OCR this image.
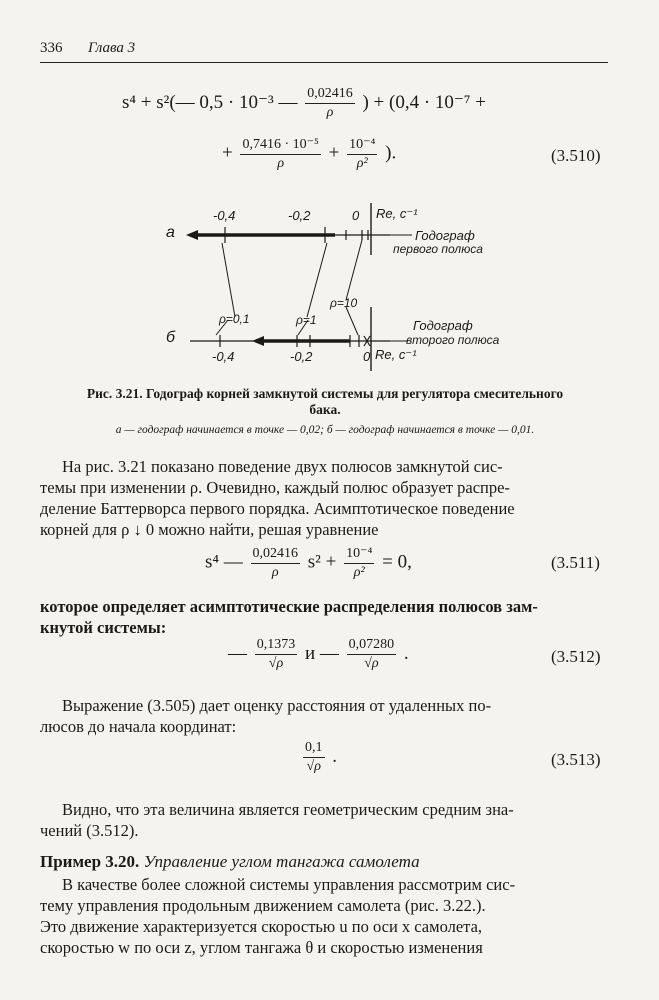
336 Глава 3
s⁴ + s²(— 0,5 · 10⁻³ — $\frac{0,02416}{\rho}$ ) + (0,4 · 10⁻⁷ +
+ $\frac{\text{0,7416 · 10⁻⁵}}{\rho} + \frac{\text{10⁻⁴}}{\text{ρ²}}$ ).	(3.510)
а
б
-0,4	-0,2	0 Re, c⁻¹
Годограф
первого полюса
ρ=0,1	ρ=1
ρ=10
-0,4	-0,2	0 Re, c⁻¹
Годограф
второго полюса
Рис. 3.21. Годограф корней замкнутой системы для регулятора смесительного
бака.
а — годограф начинается в точке — 0,02; б — годограф начинается в точке — 0,01.
На рис. 3.21 показано поведение двух полюсов замкнутой сис-
темы при изменении ρ. Очевидно, каждый полюс образует распре-
деление Баттерворса первого порядка. Асимптотическое поведение
корней для ρ ↓ 0 можно найти, решая уравнение
s⁴ — $\frac{0,02416}{\rho} s^2 + \frac{\text{10⁻⁴}}{\text{ρ²}} = 0$,	(3.511)
которое определяет асимптотические распределения полюсов зам-
кнутой системы:
— $\frac{0,1373}{√\rho}$ и — $\frac{0,07280}{√\rho}$ .	(3.512)
Выражение (3.505) дает оценку расстояния от удаленных по-
люсов до начала координат:
$\frac{0,1}{√\rho}$ .	(3.513)
Видно, что эта величина является геометрическим средним зна-
чений (3.512).
Пример 3.20. Управление углом тангажа самолета
В качестве более сложной системы управления рассмотрим сис-
тему управления продольным движением самолета (рис. 3.22.).
Это движение характеризуется скоростью u по оси x самолета,
скоростью w по оси z, углом тангажа θ и скоростью изменения
